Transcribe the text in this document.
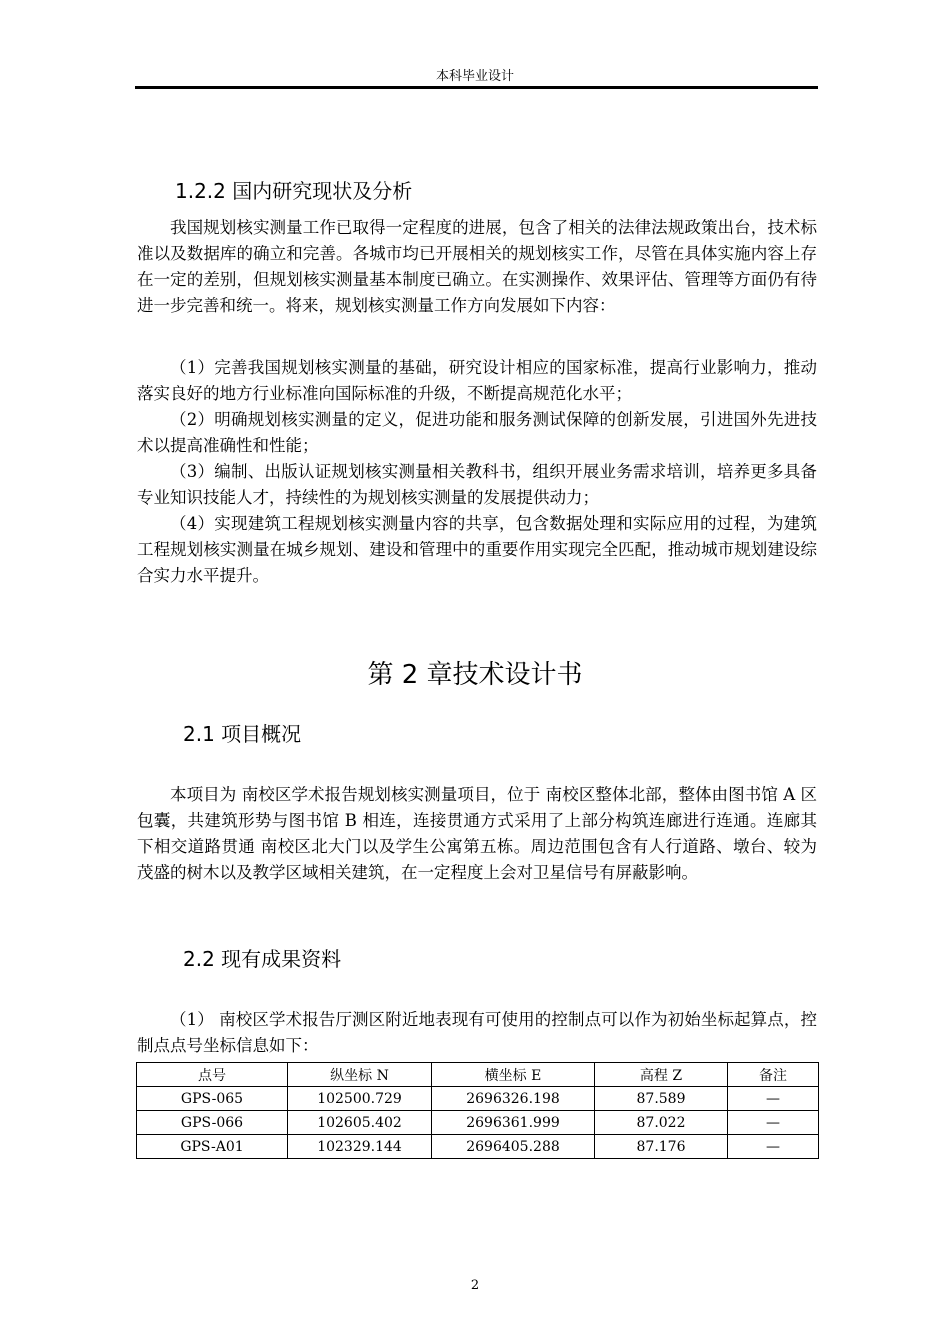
本科毕业设计
1.2.2 国内研究现状及分析

我国规划核实测量工作已取得一定程度的进展，包含了相关的法律法规政策出台，技术标准以及数据库的确立和完善。各城市均已开展相关的规划核实工作，尽管在具体实施内容上存在一定的差别，但规划核实测量基本制度已确立。在实测操作、效果评估、管理等方面仍有待进一步完善和统一。将来，规划核实测量工作方向发展如下内容：

（1）完善我国规划核实测量的基础，研究设计相应的国家标准，提高行业影响力，推动落实良好的地方行业标准向国际标准的升级，不断提高规范化水平；

（2）明确规划核实测量的定义，促进功能和服务测试保障的创新发展，引进国外先进技术以提高准确性和性能；

（3）编制、出版认证规划核实测量相关教科书，组织开展业务需求培训，培养更多具备专业知识技能人才，持续性的为规划核实测量的发展提供动力；

（4）实现建筑工程规划核实测量内容的共享，包含数据处理和实际应用的过程，为建筑工程规划核实测量在城乡规划、建设和管理中的重要作用实现完全匹配，推动城市规划建设综合实力水平提升。

第 2 章技术设计书
2.1 项目概况

本项目为 南校区学术报告规划核实测量项目，位于 南校区整体北部，整体由图书馆 A 区包囊，共建筑形势与图书馆 B 相连，连接贯通方式采用了上部分构筑连廊进行连通。连廊其下相交道路贯通 南校区北大门以及学生公寓第五栋。周边范围包含有人行道路、墩台、较为茂盛的树木以及教学区域相关建筑，在一定程度上会对卫星信号有屏蔽影响。

2.2 现有成果资料

（1） 南校区学术报告厅测区附近地表现有可使用的控制点可以作为初始坐标起算点，控制点点号坐标信息如下：

点号	纵坐标 N	横坐标 E	高程 Z	备注
GPS-065	102500.729	2696326.198	87.589	—
GPS-066	102605.402	2696361.999	87.022	—
GPS-A01	102329.144	2696405.288	87.176	—
2
